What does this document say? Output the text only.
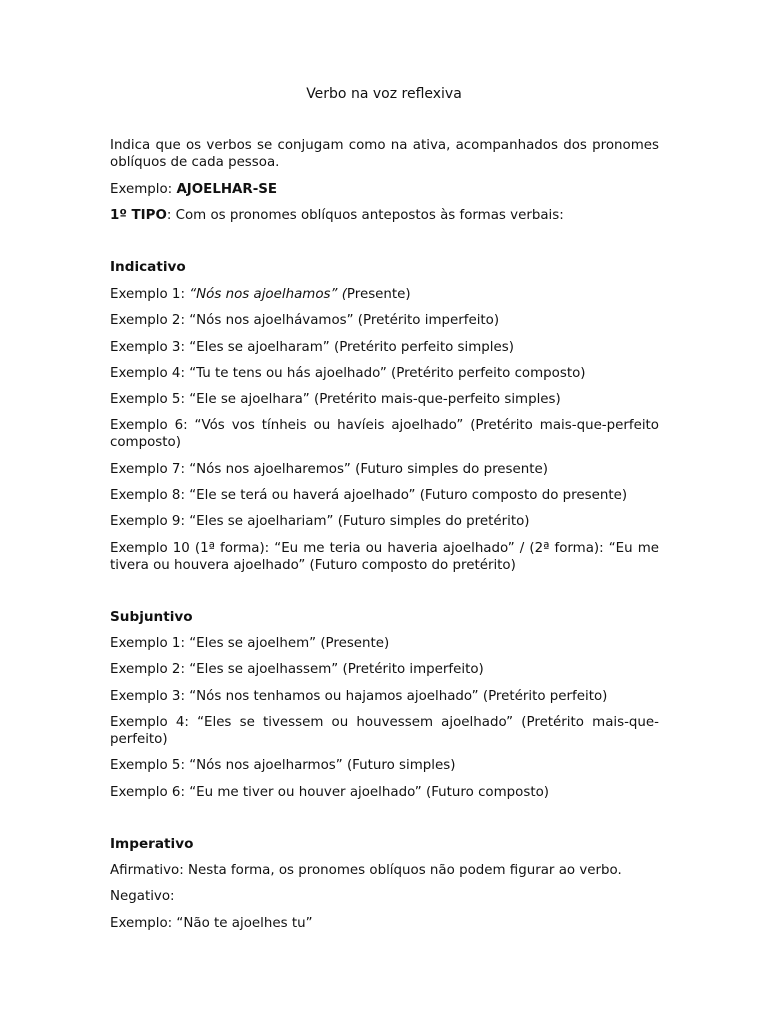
Verbo na voz reflexiva

Indica que os verbos se conjugam como na ativa, acompanhados dos pronomes oblíquos de cada pessoa.

Exemplo: AJOELHAR-SE

1º TIPO: Com os pronomes oblíquos antepostos às formas verbais:

Indicativo

Exemplo 1: “Nós nos ajoelhamos” (Presente)

Exemplo 2: “Nós nos ajoelhávamos” (Pretérito imperfeito)

Exemplo 3: “Eles se ajoelharam” (Pretérito perfeito simples)

Exemplo 4: “Tu te tens ou hás ajoelhado” (Pretérito perfeito composto)

Exemplo 5: “Ele se ajoelhara” (Pretérito mais-que-perfeito simples)

Exemplo 6: “Vós vos tínheis ou havíeis ajoelhado” (Pretérito mais-que-perfeito composto)

Exemplo 7: “Nós nos ajoelharemos” (Futuro simples do presente)

Exemplo 8: “Ele se terá ou haverá ajoelhado” (Futuro composto do presente)

Exemplo 9: “Eles se ajoelhariam” (Futuro simples do pretérito)

Exemplo 10 (1ª forma): “Eu me teria ou haveria ajoelhado” / (2ª forma): “Eu me tivera ou houvera ajoelhado” (Futuro composto do pretérito)

Subjuntivo

Exemplo 1: “Eles se ajoelhem” (Presente)

Exemplo 2: “Eles se ajoelhassem” (Pretérito imperfeito)

Exemplo 3: “Nós nos tenhamos ou hajamos ajoelhado” (Pretérito perfeito)

Exemplo 4: “Eles se tivessem ou houvessem ajoelhado” (Pretérito mais-que-perfeito)

Exemplo 5: “Nós nos ajoelharmos” (Futuro simples)

Exemplo 6: “Eu me tiver ou houver ajoelhado” (Futuro composto)

Imperativo

Afirmativo: Nesta forma, os pronomes oblíquos não podem figurar ao verbo.

Negativo:

Exemplo: “Não te ajoelhes tu”
